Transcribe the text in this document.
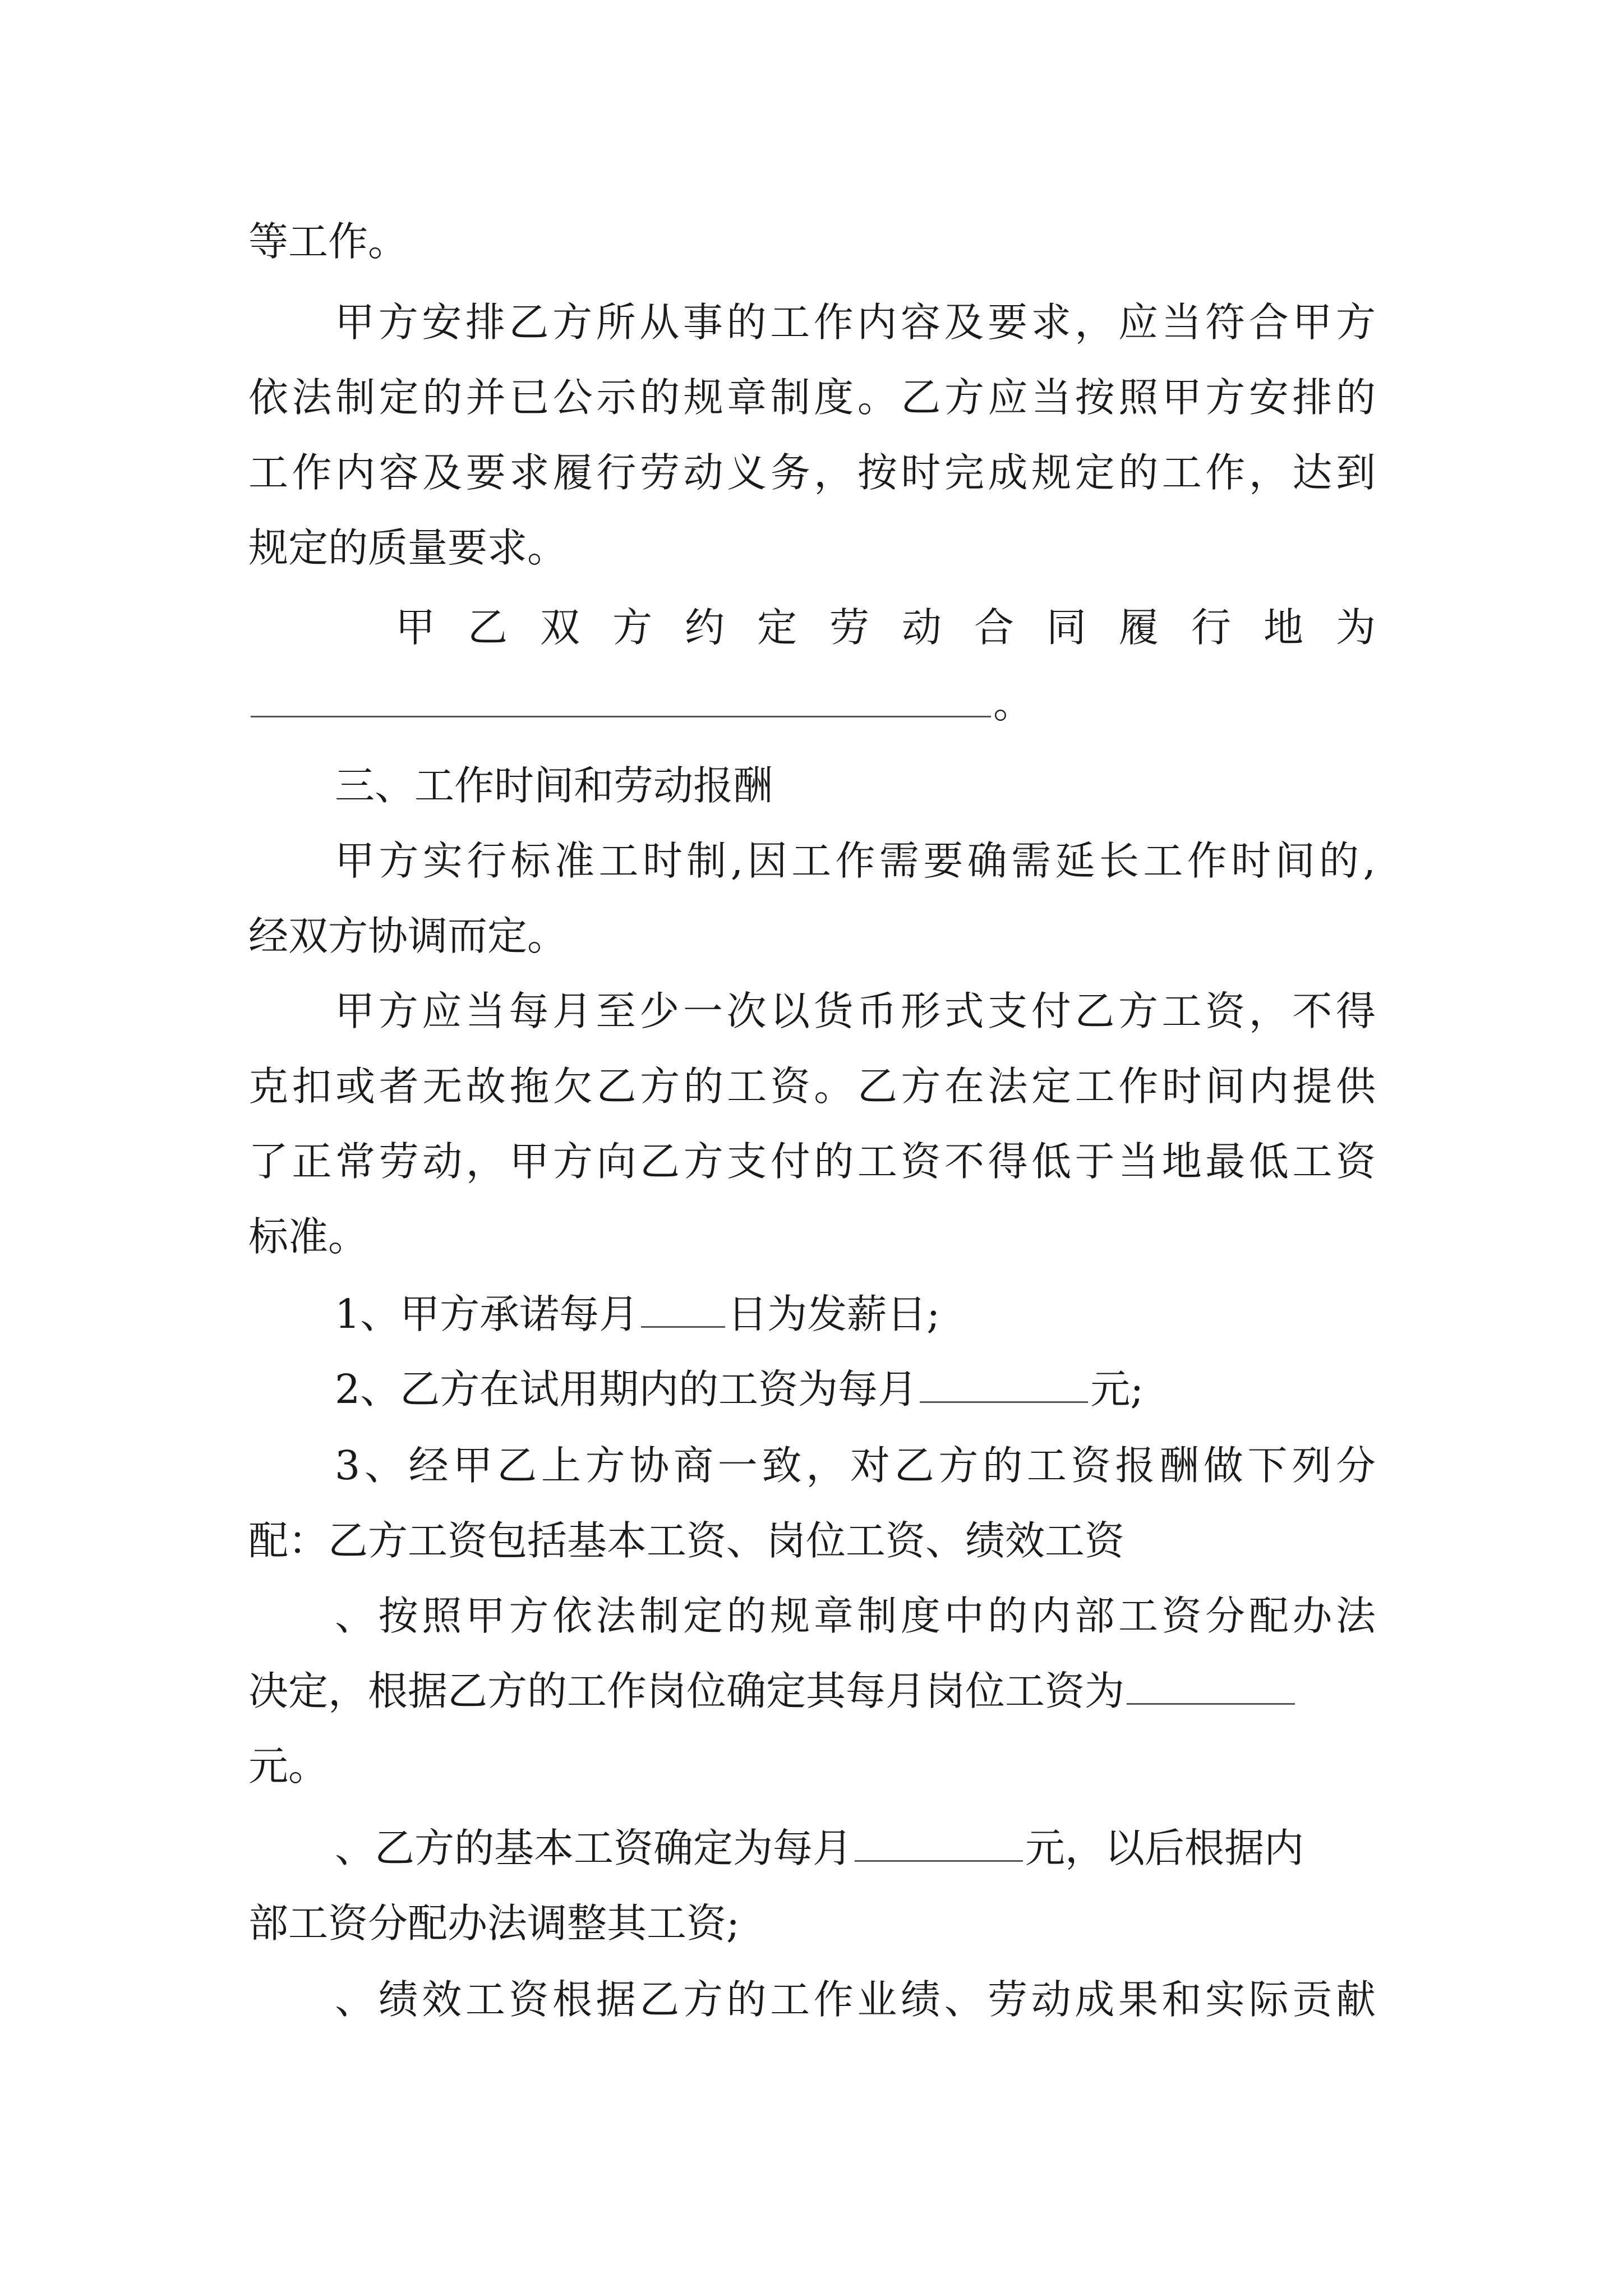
等工作。

甲方安排乙方所从事的工作内容及要求，应当符合甲方

依法制定的并已公示的规章制度。乙方应当按照甲方安排的

工作内容及要求履行劳动义务，按时完成规定的工作，达到

规定的质量要求。

甲乙双方约定劳动合同履行地为

。

三、工作时间和劳动报酬

甲方实行标准工时制,因工作需要确需延长工作时间的,

经双方协调而定。

甲方应当每月至少一次以货币形式支付乙方工资，不得

克扣或者无故拖欠乙方的工资。乙方在法定工作时间内提供

了正常劳动，甲方向乙方支付的工资不得低于当地最低工资

标准。

1、甲方承诺每月 日为发薪日;

2、乙方在试用期内的工资为每月	元;

3、经甲乙上方协商一致，对乙方的工资报酬做下列分

配：乙方工资包括基本工资、岗位工资、绩效工资

、按照甲方依法制定的规章制度中的内部工资分配办法

决定，根据乙方的工作岗位确定其每月岗位工资为

元。

、乙方的基本工资确定为每月	元，以后根据内

部工资分配办法调整其工资;

、绩效工资根据乙方的工作业绩、劳动成果和实际贡献
